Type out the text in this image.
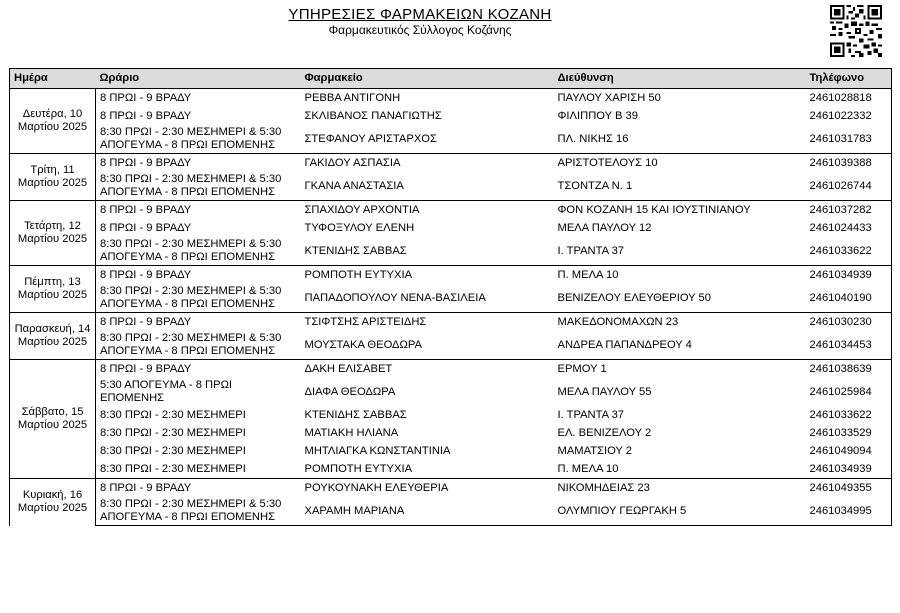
ΥΠΗΡΕΣΙΕΣ ΦΑΡΜΑΚΕΙΩΝ ΚΟΖΑΝΗ
Φαρμακευτικός Σύλλογος Κοζάνης
Ημέρα	Ωράριο	Φαρμακείο	Διεύθυνση	Τηλέφωνο
Δευτέρα, 10 Μαρτίου 2025	8 ΠΡΩΙ - 9 ΒΡΑΔΥ	ΡΕΒΒΑ ΑΝΤΙΓΟΝΗ	ΠΑΥΛΟΥ ΧΑΡΙΣΗ 50	2461028818
	8 ΠΡΩΙ - 9 ΒΡΑΔΥ	ΣΚΛΙΒΑΝΟΣ ΠΑΝΑΓΙΩΤΗΣ	ΦΙΛΙΠΠΟΥ Β 39	2461022332
	8:30 ΠΡΩΙ - 2:30 ΜΕΣΗΜΕΡΙ & 5:30 ΑΠΟΓΕΥΜΑ - 8 ΠΡΩΙ ΕΠΟΜΕΝΗΣ	ΣΤΕΦΑΝΟΥ ΑΡΙΣΤΑΡΧΟΣ	ΠΛ. ΝΙΚΗΣ 16	2461031783
Τρίτη, 11 Μαρτίου 2025	8 ΠΡΩΙ - 9 ΒΡΑΔΥ	ΓΑΚΙΔΟΥ ΑΣΠΑΣΙΑ	ΑΡΙΣΤΟΤΕΛΟΥΣ 10	2461039388
	8:30 ΠΡΩΙ - 2:30 ΜΕΣΗΜΕΡΙ & 5:30 ΑΠΟΓΕΥΜΑ - 8 ΠΡΩΙ ΕΠΟΜΕΝΗΣ	ΓΚΑΝΑ ΑΝΑΣΤΑΣΙΑ	ΤΣΟΝΤΖΑ Ν. 1	2461026744
Τετάρτη, 12 Μαρτίου 2025	8 ΠΡΩΙ - 9 ΒΡΑΔΥ	ΣΠΑΧΙΔΟΥ ΑΡΧΟΝΤΙΑ	ΦΟΝ ΚΟΖΑΝΗ 15 ΚΑΙ ΙΟΥΣΤΙΝΙΑΝΟΥ	2461037282
	8 ΠΡΩΙ - 9 ΒΡΑΔΥ	ΤΥΦΟΞΥΛΟΥ ΕΛΕΝΗ	ΜΕΛΑ ΠΑΥΛΟΥ 12	2461024433
	8:30 ΠΡΩΙ - 2:30 ΜΕΣΗΜΕΡΙ & 5:30 ΑΠΟΓΕΥΜΑ - 8 ΠΡΩΙ ΕΠΟΜΕΝΗΣ	ΚΤΕΝΙΔΗΣ ΣΑΒΒΑΣ	Ι. ΤΡΑΝΤΑ 37	2461033622
Πέμπτη, 13 Μαρτίου 2025	8 ΠΡΩΙ - 9 ΒΡΑΔΥ	ΡΟΜΠΟΤΗ ΕΥΤΥΧΙΑ	Π. ΜΕΛΑ 10	2461034939
	8:30 ΠΡΩΙ - 2:30 ΜΕΣΗΜΕΡΙ & 5:30 ΑΠΟΓΕΥΜΑ - 8 ΠΡΩΙ ΕΠΟΜΕΝΗΣ	ΠΑΠΑΔΟΠΟΥΛΟΥ ΝΕΝΑ-ΒΑΣΙΛΕΙΑ	ΒΕΝΙΖΕΛΟΥ ΕΛΕΥΘΕΡΙΟΥ 50	2461040190
Παρασκευή, 14 Μαρτίου 2025	8 ΠΡΩΙ - 9 ΒΡΑΔΥ	ΤΣΙΦΤΣΗΣ ΑΡΙΣΤΕΙΔΗΣ	ΜΑΚΕΔΟΝΟΜΑΧΩΝ 23	2461030230
	8:30 ΠΡΩΙ - 2:30 ΜΕΣΗΜΕΡΙ & 5:30 ΑΠΟΓΕΥΜΑ - 8 ΠΡΩΙ ΕΠΟΜΕΝΗΣ	ΜΟΥΣΤΑΚΑ ΘΕΟΔΩΡΑ	ΑΝΔΡΕΑ ΠΑΠΑΝΔΡΕΟΥ 4	2461034453
Σάββατο, 15 Μαρτίου 2025	8 ΠΡΩΙ - 9 ΒΡΑΔΥ	ΔΑΚΗ ΕΛΙΣΑΒΕΤ	ΕΡΜΟΥ 1	2461038639
	5:30 ΑΠΟΓΕΥΜΑ - 8 ΠΡΩΙ ΕΠΟΜΕΝΗΣ	ΔΙΑΦΑ ΘΕΟΔΩΡΑ	ΜΕΛΑ ΠΑΥΛΟΥ 55	2461025984
	8:30 ΠΡΩΙ - 2:30 ΜΕΣΗΜΕΡΙ	ΚΤΕΝΙΔΗΣ ΣΑΒΒΑΣ	Ι. ΤΡΑΝΤΑ 37	2461033622
	8:30 ΠΡΩΙ - 2:30 ΜΕΣΗΜΕΡΙ	ΜΑΤΙΑΚΗ ΗΛΙΑΝΑ	ΕΛ. ΒΕΝΙΖΕΛΟΥ 2	2461033529
	8:30 ΠΡΩΙ - 2:30 ΜΕΣΗΜΕΡΙ	ΜΗΤΛΙΑΓΚΑ ΚΩΝΣΤΑΝΤΙΝΙΑ	ΜΑΜΑΤΣΙΟΥ 2	2461049094
	8:30 ΠΡΩΙ - 2:30 ΜΕΣΗΜΕΡΙ	ΡΟΜΠΟΤΗ ΕΥΤΥΧΙΑ	Π. ΜΕΛΑ 10	2461034939
Κυριακή, 16 Μαρτίου 2025	8 ΠΡΩΙ - 9 ΒΡΑΔΥ	ΡΟΥΚΟΥΝΑΚΗ ΕΛΕΥΘΕΡΙΑ	ΝΙΚΟΜΗΔΕΙΑΣ 23	2461049355
	8:30 ΠΡΩΙ - 2:30 ΜΕΣΗΜΕΡΙ & 5:30 ΑΠΟΓΕΥΜΑ - 8 ΠΡΩΙ ΕΠΟΜΕΝΗΣ	ΧΑΡΑΜΗ ΜΑΡΙΑΝΑ	ΟΛΥΜΠΙΟΥ ΓΕΩΡΓΑΚΗ 5	2461034995
